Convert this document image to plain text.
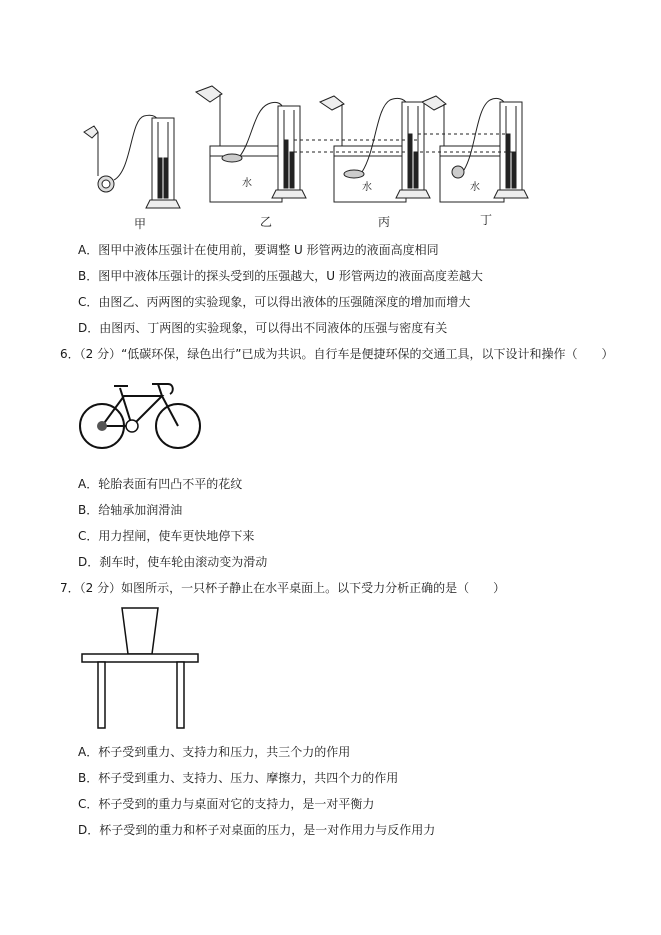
水	水	水
甲	乙	丙	丁
A．图甲中液体压强计在使用前，要调整 U 形管两边的液面高度相同
B．图甲中液体压强计的探头受到的压强越大，U 形管两边的液面高度差越大
C．由图乙、丙两图的实验现象，可以得出液体的压强随深度的增加而增大
D．由图丙、丁两图的实验现象，可以得出不同液体的压强与密度有关
6．（2 分）“低碳环保，绿色出行”已成为共识。自行车是便捷环保的交通工具，以下设计和操作（　　）
A．轮胎表面有凹凸不平的花纹
B．给轴承加润滑油
C．用力捏闸，使车更快地停下来
D．刹车时，使车轮由滚动变为滑动
7．（2 分）如图所示，一只杯子静止在水平桌面上。以下受力分析正确的是（　　）
A．杯子受到重力、支持力和压力，共三个力的作用
B．杯子受到重力、支持力、压力、摩擦力，共四个力的作用
C．杯子受到的重力与桌面对它的支持力，是一对平衡力
D．杯子受到的重力和杯子对桌面的压力，是一对作用力与反作用力
